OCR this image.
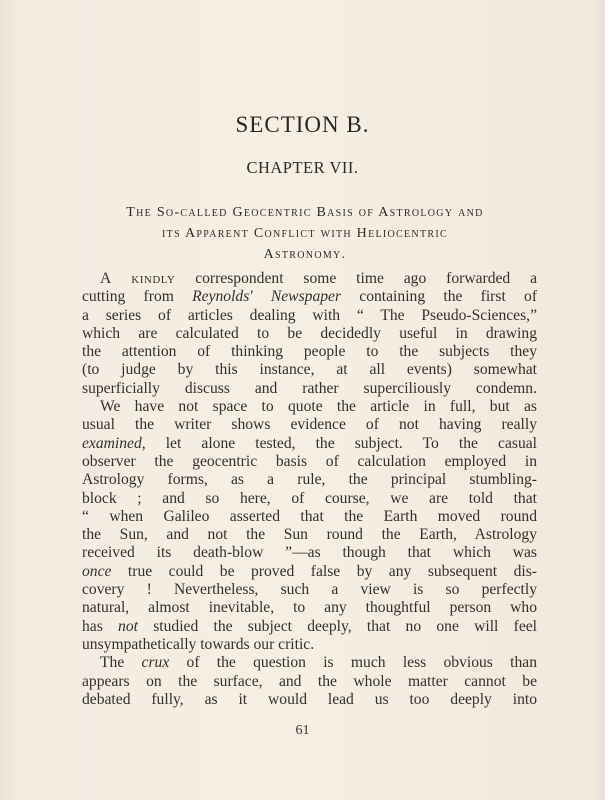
SECTION B.
CHAPTER VII.
The So-called Geocentric Basis of Astrology and
its Apparent Conflict with Heliocentric
Astronomy.
A kindly correspondent some time ago forwarded a
cutting from Reynolds' Newspaper containing the first of
a series of articles dealing with “ The Pseudo-Sciences,”
which are calculated to be decidedly useful in drawing
the attention of thinking people to the subjects they
(to judge by this instance, at all events) somewhat
superficially discuss and rather superciliously condemn.
We have not space to quote the article in full, but as
usual the writer shows evidence of not having really
examined, let alone tested, the subject. To the casual
observer the geocentric basis of calculation employed in
Astrology forms, as a rule, the principal stumbling-
block ; and so here, of course, we are told that
“ when Galileo asserted that the Earth moved round
the Sun, and not the Sun round the Earth, Astrology
received its death-blow ”—as though that which was
once true could be proved false by any subsequent dis-
covery ! Nevertheless, such a view is so perfectly
natural, almost inevitable, to any thoughtful person who
has not studied the subject deeply, that no one will feel
unsympathetically towards our critic.
The crux of the question is much less obvious than
appears on the surface, and the whole matter cannot be
debated fully, as it would lead us too deeply into
61
